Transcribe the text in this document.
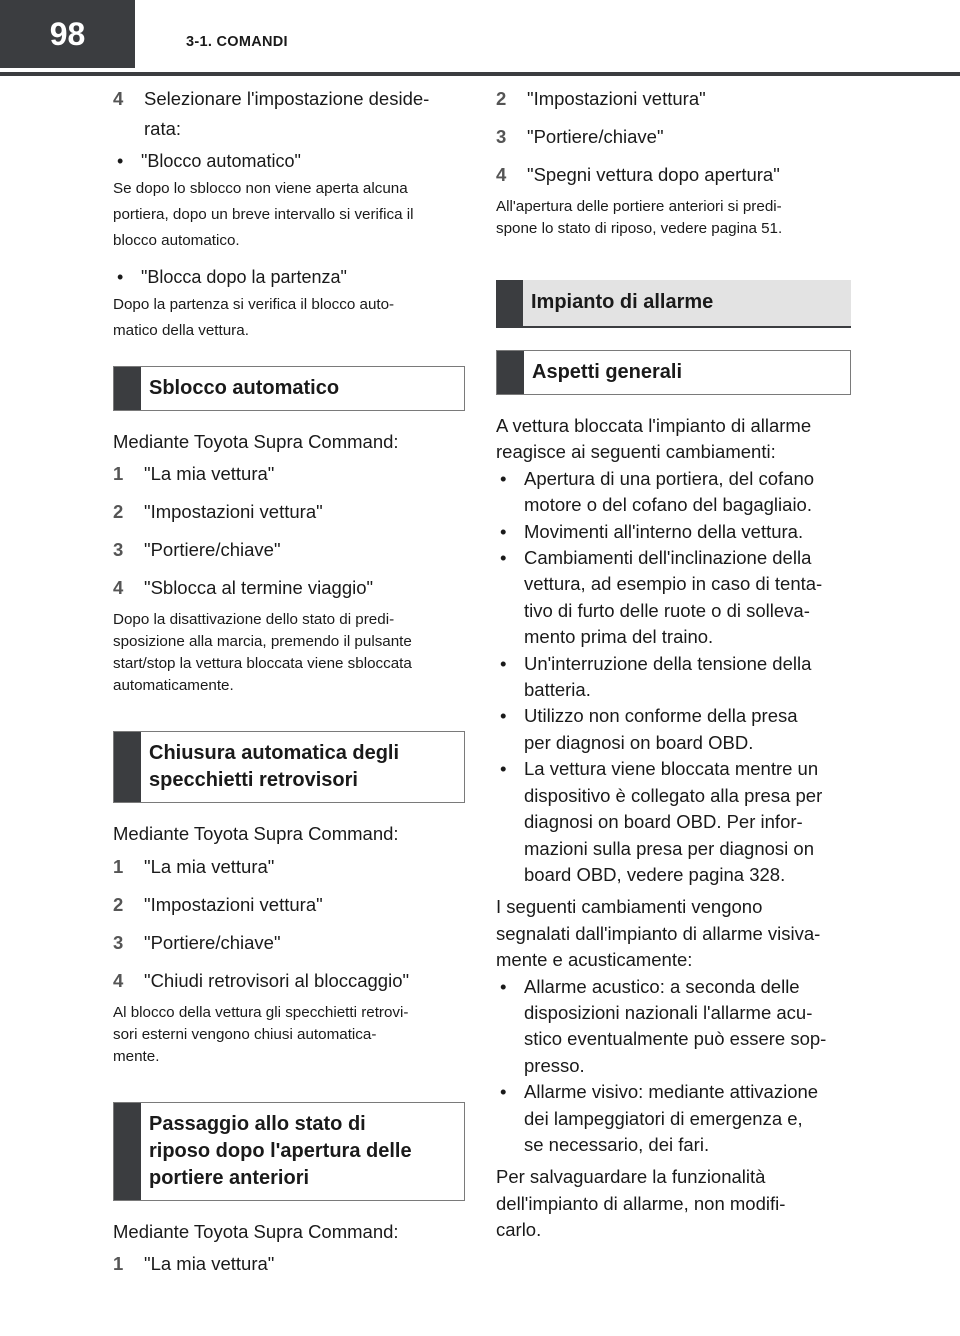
98	3-1. COMANDI
4 Selezionare l'impostazione deside-
rata:
• "Blocco automatico"
Se dopo lo sblocco non viene aperta alcuna
portiera, dopo un breve intervallo si verifica il
blocco automatico.
• "Blocca dopo la partenza"
Dopo la partenza si verifica il blocco auto-
matico della vettura.
Sblocco automatico
Mediante Toyota Supra Command:
1 "La mia vettura"
2 "Impostazioni vettura"
3 "Portiere/chiave"
4 "Sblocca al termine viaggio"
Dopo la disattivazione dello stato di predi-
sposizione alla marcia, premendo il pulsante
start/stop la vettura bloccata viene sbloccata
automaticamente.
Chiusura automatica degli
specchietti retrovisori
Mediante Toyota Supra Command:
1 "La mia vettura"
2 "Impostazioni vettura"
3 "Portiere/chiave"
4 "Chiudi retrovisori al bloccaggio"
Al blocco della vettura gli specchietti retrovi-
sori esterni vengono chiusi automatica-
mente.
Passaggio allo stato di
riposo dopo l'apertura delle
portiere anteriori
Mediante Toyota Supra Command:
1 "La mia vettura"
2 "Impostazioni vettura"
3 "Portiere/chiave"
4 "Spegni vettura dopo apertura"
All'apertura delle portiere anteriori si predi-
spone lo stato di riposo, vedere pagina 51.
Impianto di allarme
Aspetti generali
A vettura bloccata l'impianto di allarme
reagisce ai seguenti cambiamenti:
• Apertura di una portiera, del cofano
motore o del cofano del bagagliaio.
• Movimenti all'interno della vettura.
• Cambiamenti dell'inclinazione della
vettura, ad esempio in caso di tenta-
tivo di furto delle ruote o di solleva-
mento prima del traino.
• Un'interruzione della tensione della
batteria.
• Utilizzo non conforme della presa
per diagnosi on board OBD.
• La vettura viene bloccata mentre un
dispositivo è collegato alla presa per
diagnosi on board OBD. Per infor-
mazioni sulla presa per diagnosi on
board OBD, vedere pagina 328.
I seguenti cambiamenti vengono
segnalati dall'impianto di allarme visiva-
mente e acusticamente:
• Allarme acustico: a seconda delle
disposizioni nazionali l'allarme acu-
stico eventualmente può essere sop-
presso.
• Allarme visivo: mediante attivazione
dei lampeggiatori di emergenza e,
se necessario, dei fari.
Per salvaguardare la funzionalità
dell'impianto di allarme, non modifi-
carlo.
